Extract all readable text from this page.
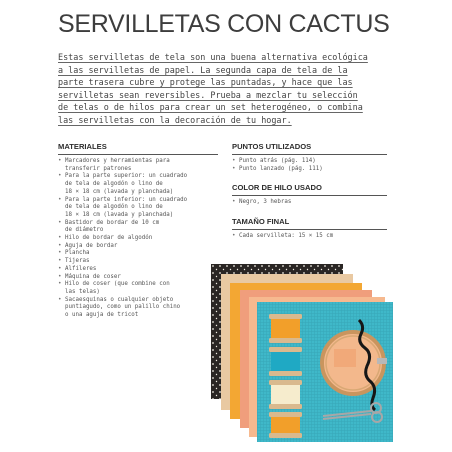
SERVILLETAS CON CACTUS
Estas servilletas de tela son una buena alternativa ecológica
a las servilletas de papel. La segunda capa de tela de la
parte trasera cubre y protege las puntadas, y hace que las
servilletas sean reversibles. Prueba a mezclar tu selección
de telas o de hilos para crear un set heterogéneo, o combina
las servilletas con la decoración de tu hogar.
MATERIALES
• Marcadores y herramientas para
transferir patrones
• Para la parte superior: un cuadrado
de tela de algodón o lino de
18 × 18 cm (lavada y planchada)
• Para la parte inferior: un cuadrado
de tela de algodón o lino de
18 × 18 cm (lavada y planchada)
• Bastidor de bordar de 10 cm
de diámetro
• Hilo de bordar de algodón
• Aguja de bordar
• Plancha
• Tijeras
• Alfileres
• Máquina de coser
• Hilo de coser (que combine con
las telas)
• Sacaesquinas o cualquier objeto
puntiagudo, como un palillo chino
o una aguja de tricot
PUNTOS UTILIZADOS
• Punto atrás (pág. 114)
• Punto lanzado (pág. 111)
COLOR DE HILO USADO
• Negro, 3 hebras
TAMAÑO FINAL
• Cada servilleta: 15 × 15 cm
